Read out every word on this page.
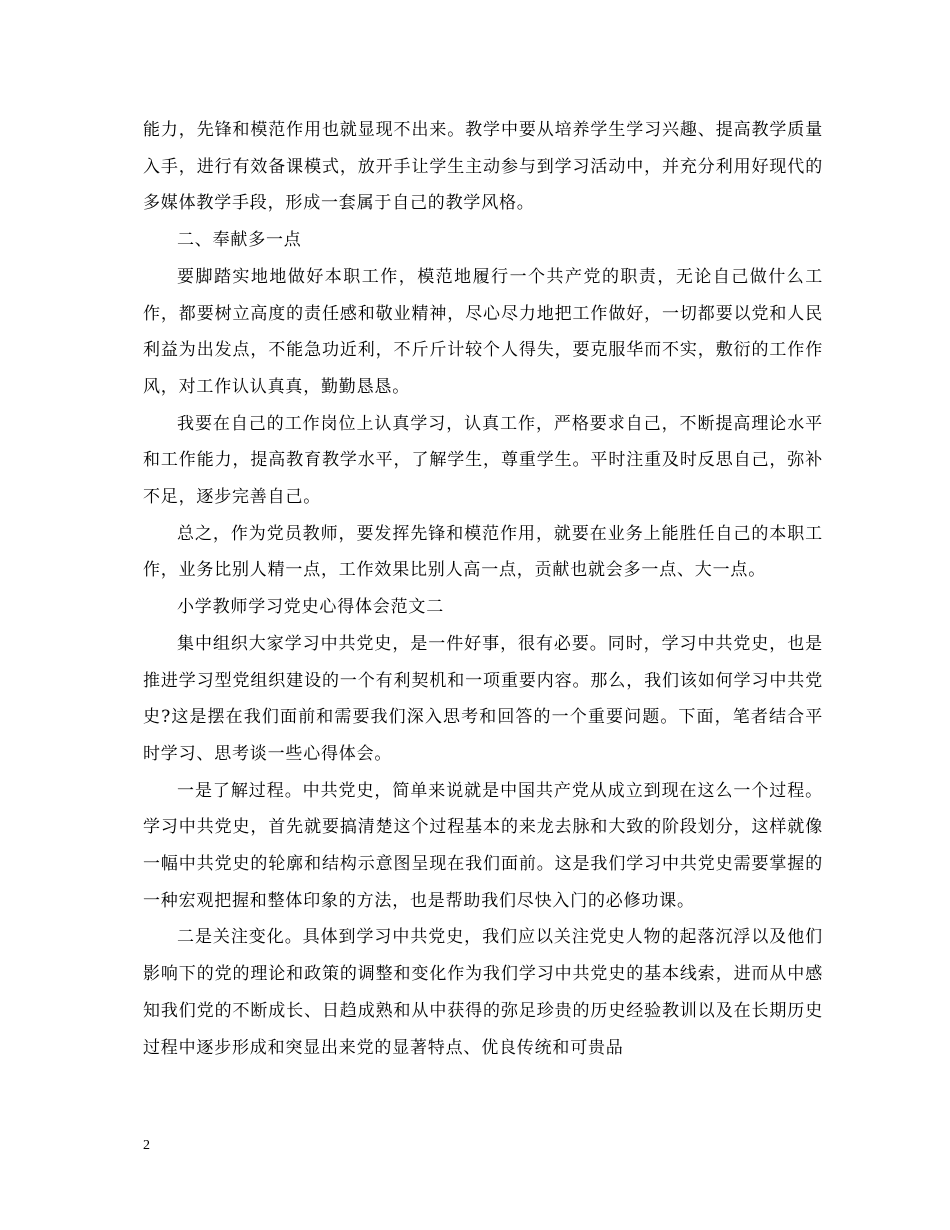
能力，先锋和模范作用也就显现不出来。教学中要从培养学生学习兴趣、提高教学质量入手，进行有效备课模式，放开手让学生主动参与到学习活动中，并充分利用好现代的多媒体教学手段，形成一套属于自己的教学风格。

二、奉献多一点

要脚踏实地地做好本职工作，模范地履行一个共产党的职责，无论自己做什么工作，都要树立高度的责任感和敬业精神，尽心尽力地把工作做好，一切都要以党和人民利益为出发点，不能急功近利，不斤斤计较个人得失，要克服华而不实，敷衍的工作作风，对工作认认真真，勤勤恳恳。

我要在自己的工作岗位上认真学习，认真工作，严格要求自己，不断提高理论水平和工作能力，提高教育教学水平，了解学生，尊重学生。平时注重及时反思自己，弥补不足，逐步完善自己。

总之，作为党员教师，要发挥先锋和模范作用，就要在业务上能胜任自己的本职工作，业务比别人精一点，工作效果比别人高一点，贡献也就会多一点、大一点。

小学教师学习党史心得体会范文二

集中组织大家学习中共党史，是一件好事，很有必要。同时，学习中共党史，也是推进学习型党组织建设的一个有利契机和一项重要内容。那么，我们该如何学习中共党史?这是摆在我们面前和需要我们深入思考和回答的一个重要问题。下面，笔者结合平时学习、思考谈一些心得体会。

一是了解过程。中共党史，简单来说就是中国共产党从成立到现在这么一个过程。学习中共党史，首先就要搞清楚这个过程基本的来龙去脉和大致的阶段划分，这样就像一幅中共党史的轮廓和结构示意图呈现在我们面前。这是我们学习中共党史需要掌握的一种宏观把握和整体印象的方法，也是帮助我们尽快入门的必修功课。

二是关注变化。具体到学习中共党史，我们应以关注党史人物的起落沉浮以及他们影响下的党的理论和政策的调整和变化作为我们学习中共党史的基本线索，进而从中感知我们党的不断成长、日趋成熟和从中获得的弥足珍贵的历史经验教训以及在长期历史过程中逐步形成和突显出来党的显著特点、优良传统和可贵品

2
